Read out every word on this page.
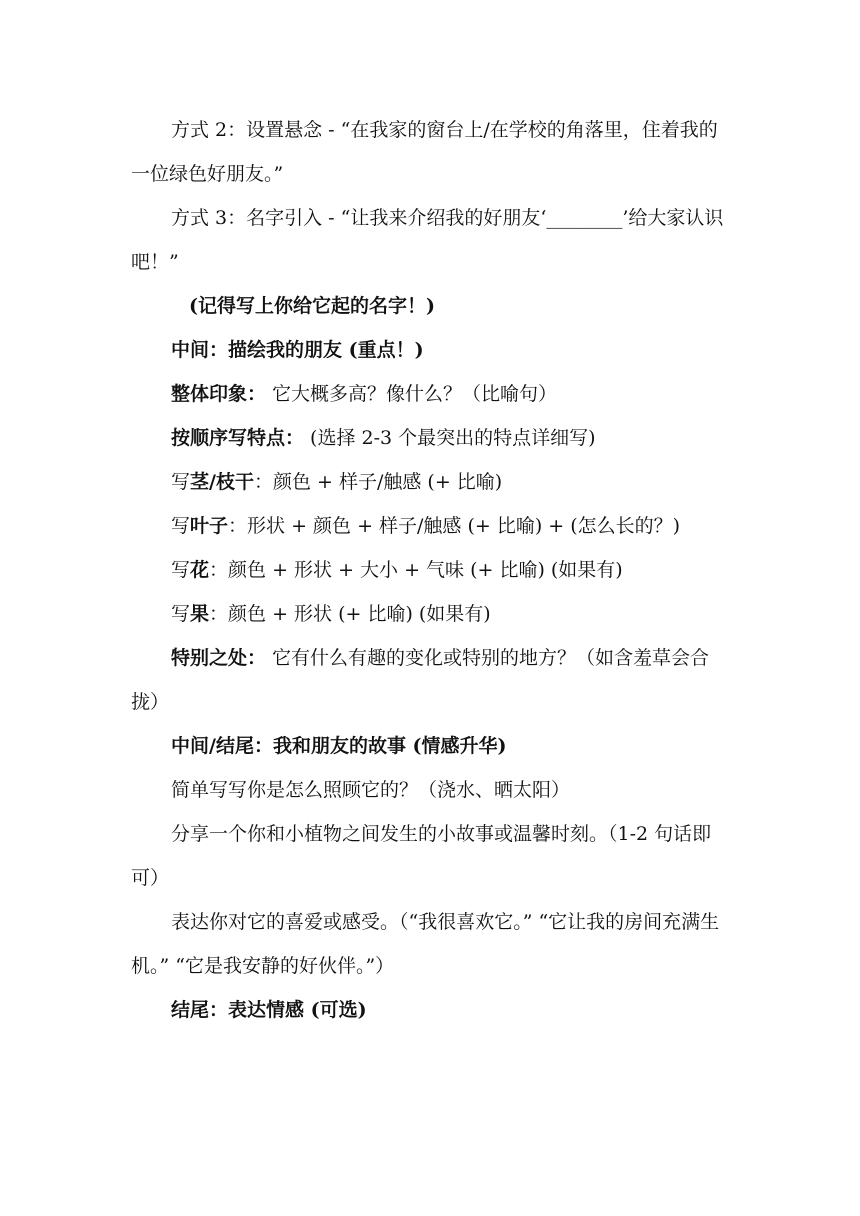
方式 2：设置悬念 - “在我家的窗台上/在学校的角落里，住着我的一位绿色好朋友。”

方式 3：名字引入 - “让我来介绍我的好朋友‘________’给大家认识吧！”

(记得写上你给它起的名字！)

中间：描绘我的朋友 (重点！)

整体印象： 它大概多高？像什么？（比喻句）

按顺序写特点： (选择 2-3 个最突出的特点详细写)

写茎/枝干：颜色 + 样子/触感 (+ 比喻)

写叶子：形状 + 颜色 + 样子/触感 (+ 比喻) + (怎么长的？)

写花：颜色 + 形状 + 大小 + 气味 (+ 比喻) (如果有)

写果：颜色 + 形状 (+ 比喻) (如果有)

特别之处： 它有什么有趣的变化或特别的地方？（如含羞草会合拢）

中间/结尾：我和朋友的故事 (情感升华)

简单写写你是怎么照顾它的？（浇水、晒太阳）

分享一个你和小植物之间发生的小故事或温馨时刻。（1-2 句话即可）

表达你对它的喜爱或感受。（“我很喜欢它。” “它让我的房间充满生机。” “它是我安静的好伙伴。”）

结尾：表达情感 (可选)
